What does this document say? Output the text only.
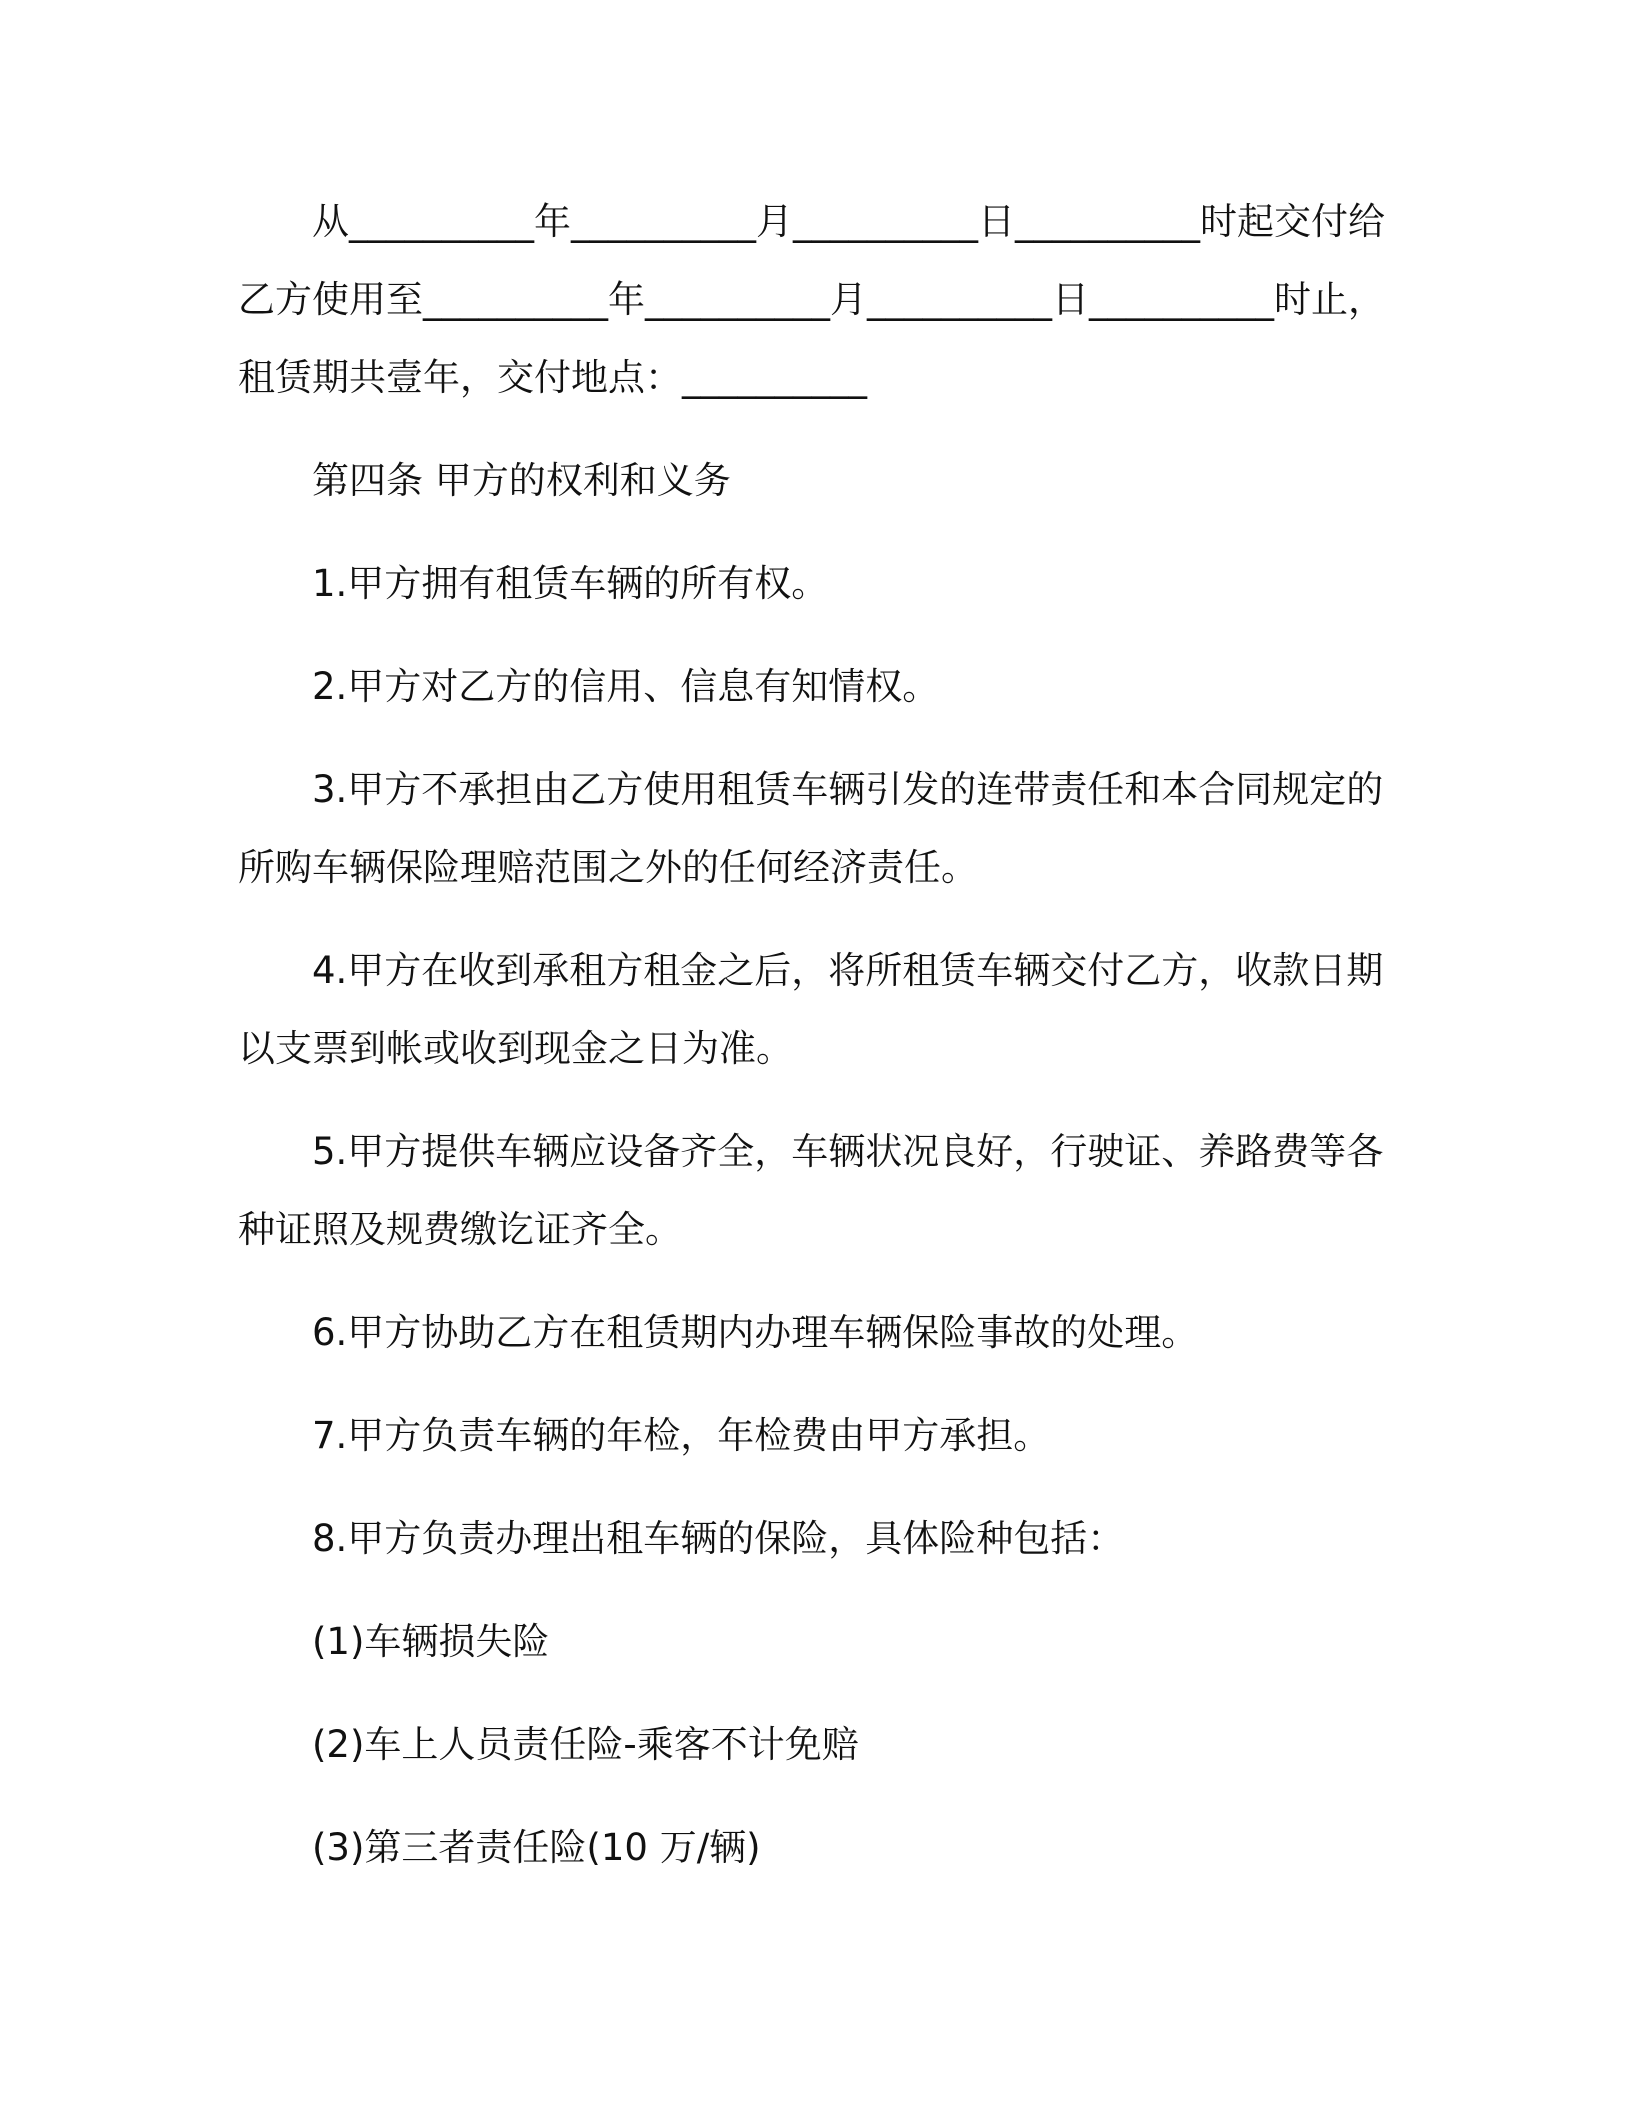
从__________年__________月__________日__________时起交付给乙方使用至__________年__________月__________日__________时止，租赁期共壹年，交付地点：__________

第四条 甲方的权利和义务

1.甲方拥有租赁车辆的所有权。

2.甲方对乙方的信用、信息有知情权。

3.甲方不承担由乙方使用租赁车辆引发的连带责任和本合同规定的所购车辆保险理赔范围之外的任何经济责任。

4.甲方在收到承租方租金之后，将所租赁车辆交付乙方，收款日期以支票到帐或收到现金之日为准。

5.甲方提供车辆应设备齐全，车辆状况良好，行驶证、养路费等各种证照及规费缴讫证齐全。

6.甲方协助乙方在租赁期内办理车辆保险事故的处理。

7.甲方负责车辆的年检，年检费由甲方承担。

8.甲方负责办理出租车辆的保险，具体险种包括：

(1)车辆损失险

(2)车上人员责任险-乘客不计免赔

(3)第三者责任险(10 万/辆)
